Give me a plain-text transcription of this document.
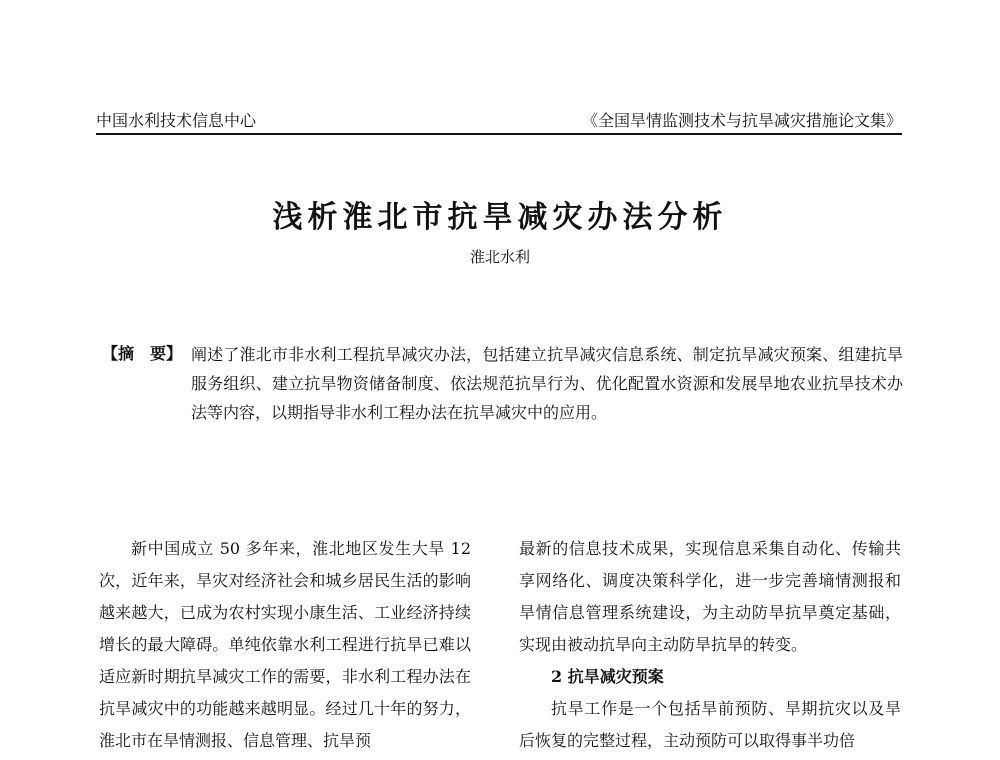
中国水利技术信息中心	《全国旱情监测技术与抗旱减灾措施论文集》
浅析淮北市抗旱减灾办法分析
淮北水利
【摘　要】 阐述了淮北市非水利工程抗旱减灾办法，包括建立抗旱减灾信息系统、制定抗旱减灾预案、组建抗旱服务组织、建立抗旱物资储备制度、依法规范抗旱行为、优化配置水资源和发展旱地农业抗旱技术办法等内容，以期指导非水利工程办法在抗旱减灾中的应用。

新中国成立 50 多年来，淮北地区发生大旱 12 次，近年来，旱灾对经济社会和城乡居民生活的影响越来越大，已成为农村实现小康生活、工业经济持续增长的最大障碍。单纯依靠水利工程进行抗旱已难以适应新时期抗旱减灾工作的需要，非水利工程办法在抗旱减灾中的功能越来越明显。经过几十年的努力，淮北市在旱情测报、信息管理、抗旱预

最新的信息技术成果，实现信息采集自动化、传输共享网络化、调度决策科学化，进一步完善墒情测报和旱情信息管理系统建设，为主动防旱抗旱奠定基础，实现由被动抗旱向主动防旱抗旱的转变。

2 抗旱减灾预案

抗旱工作是一个包括旱前预防、旱期抗灾以及旱后恢复的完整过程，主动预防可以取得事半功倍
